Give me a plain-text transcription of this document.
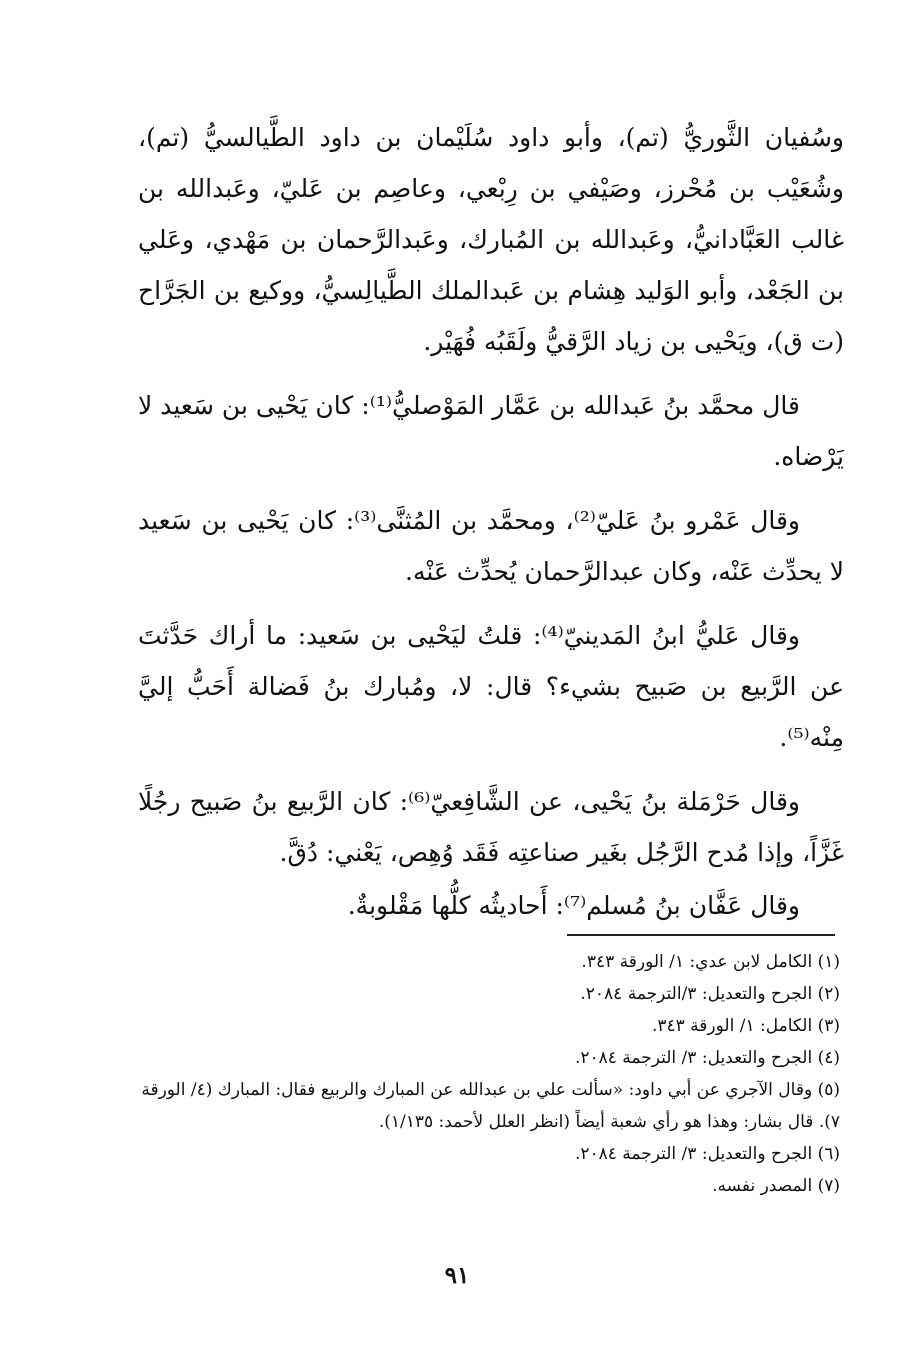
وسُفيان الثَّوريُّ (تم)، وأبو داود سُلَيْمان بن داود الطَّيالسيُّ (تم)، وشُعَيْب بن مُحْرز، وصَيْفي بن رِبْعي، وعاصِم بن عَليّ، وعَبدالله بن غالب العَبَّادانيُّ، وعَبدالله بن المُبارك، وعَبدالرَّحمان بن مَهْدي، وعَلي بن الجَعْد، وأبو الوَليد هِشام بن عَبدالملك الطَّيالِسيُّ، ووكيع بن الجَرَّاح (ت ق)، ويَحْيى بن زياد الرَّقيُّ ولَقَبُه فُهَيْر.

قال محمَّد بنُ عَبدالله بن عَمَّار المَوْصليُّ⁽¹⁾: كان يَحْيى بن سَعيد لا يَرْضاه.

وقال عَمْرو بنُ عَليّ⁽²⁾، ومحمَّد بن المُثنَّى⁽³⁾: كان يَحْيى بن سَعيد لا يحدِّث عَنْه، وكان عبدالرَّحمان يُحدِّث عَنْه.

وقال عَليُّ ابنُ المَدينيّ⁽⁴⁾: قلتُ ليَحْيى بن سَعيد: ما أراك حَدَّثتَ عن الرَّبيع بن صَبيح بشيء؟ قال: لا، ومُبارك بنُ فَضالة أَحَبُّ إليَّ مِنْه⁽⁵⁾.

وقال حَرْمَلة بنُ يَحْيى، عن الشَّافِعيّ⁽⁶⁾: كان الرَّبيع بنُ صَبيح رجُلًا غَزَّاً، وإذا مُدح الرَّجُل بغَير صناعتِه فَقَد وُهِص، يَعْني: دُقَّ.

وقال عَفَّان بنُ مُسلم⁽⁷⁾: أَحاديثُه كلُّها مَقْلوبةٌ.

(١) الكامل لابن عدي: ١/ الورقة ٣٤٣.
(٢) الجرح والتعديل: ٣/الترجمة ٢٠٨٤.
(٣) الكامل: ١/ الورقة ٣٤٣.
(٤) الجرح والتعديل: ٣/ الترجمة ٢٠٨٤.
(٥) وقال الآجري عن أبي داود: «سألت علي بن عبدالله عن المبارك والربيع فقال: المبارك (٤/ الورقة ٧). قال بشار: وهذا هو رأي شعبة أيضاً (انظر العلل لأحمد: ١/١٣٥).
(٦) الجرح والتعديل: ٣/ الترجمة ٢٠٨٤.
(٧) المصدر نفسه.
٩١
